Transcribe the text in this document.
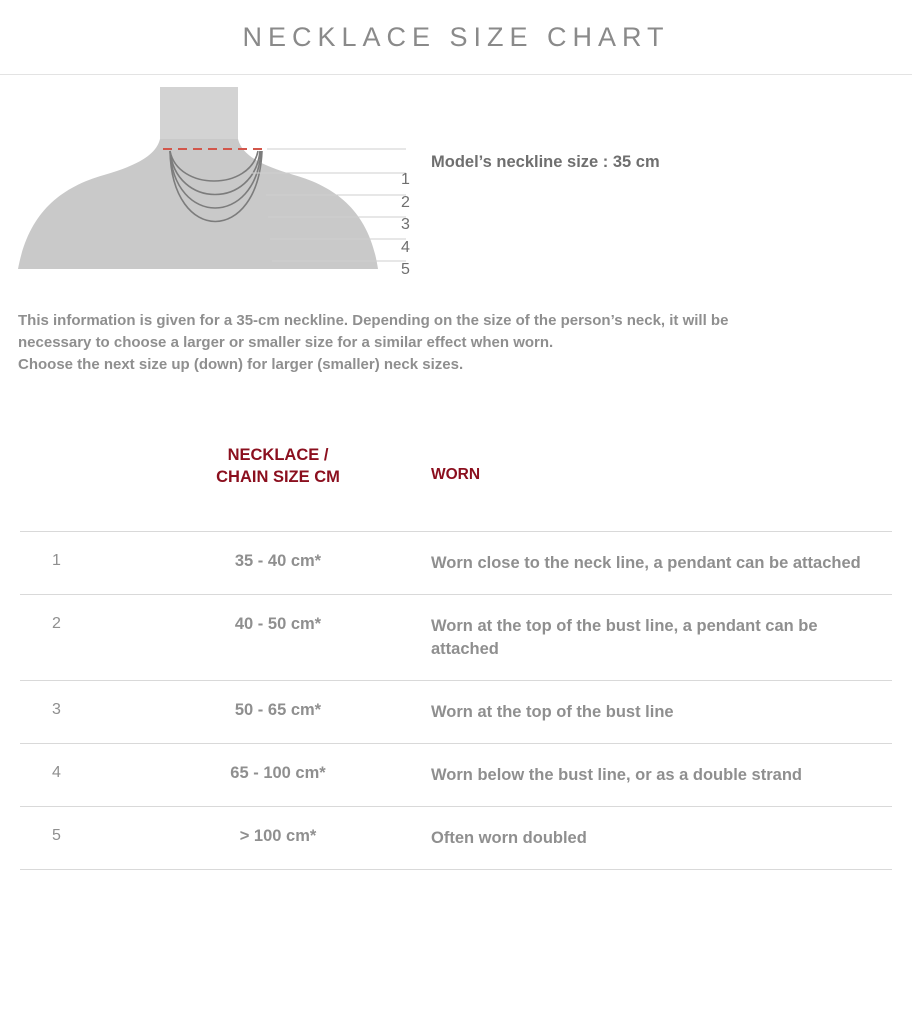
NECKLACE SIZE CHART
Model’s neckline size : 35 cm
1
2
3
4
5
This information is given for a 35-cm neckline. Depending on the size of the person’s neck, it will be
necessary to choose a larger or smaller size for a similar effect when worn.
Choose the next size up (down) for larger (smaller) neck sizes.
NECKLACE /
CHAIN SIZE CM	WORN
1	35 - 40 cm*	Worn close to the neck line, a pendant can be attached
2	40 - 50 cm*	Worn at the top of the bust line, a pendant can be attached
3	50 - 65 cm*	Worn at the top of the bust line
4	65 - 100 cm*	Worn below the bust line, or as a double strand
5	> 100 cm*	Often worn doubled
